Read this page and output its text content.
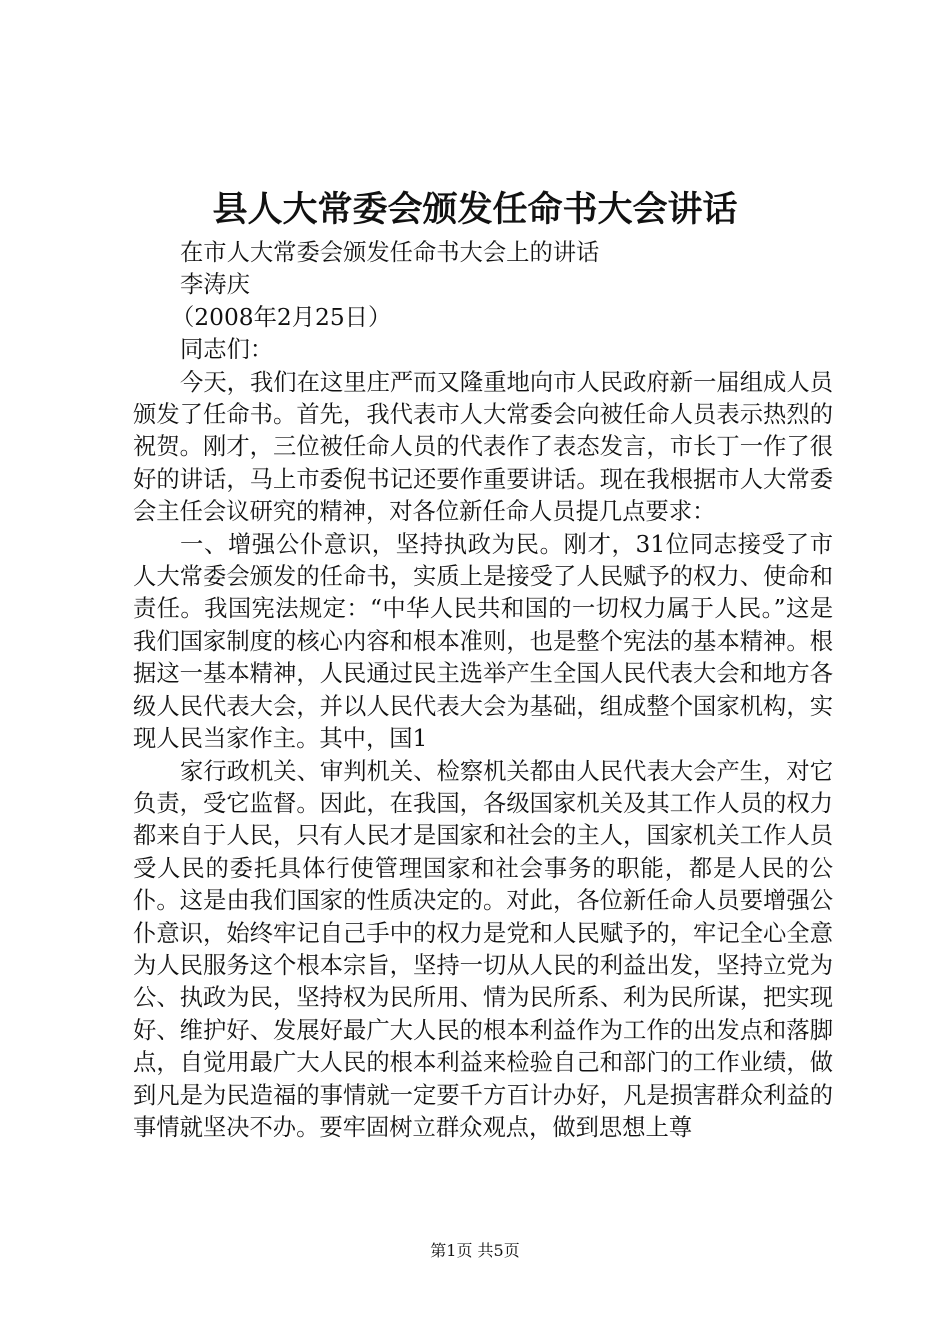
县人大常委会颁发任命书大会讲话

在市人大常委会颁发任命书大会上的讲话

李涛庆

（2008年2月25日）

同志们：

今天，我们在这里庄严而又隆重地向市人民政府新一届组成人员颁发了任命书。首先，我代表市人大常委会向被任命人员表示热烈的祝贺。刚才，三位被任命人员的代表作了表态发言，市长丁一作了很好的讲话，马上市委倪书记还要作重要讲话。现在我根据市人大常委会主任会议研究的精神，对各位新任命人员提几点要求：

一、增强公仆意识，坚持执政为民。刚才，31位同志接受了市人大常委会颁发的任命书，实质上是接受了人民赋予的权力、使命和责任。我国宪法规定：“中华人民共和国的一切权力属于人民。”这是我们国家制度的核心内容和根本准则，也是整个宪法的基本精神。根据这一基本精神，人民通过民主选举产生全国人民代表大会和地方各级人民代表大会，并以人民代表大会为基础，组成整个国家机构，实现人民当家作主。其中，国1

家行政机关、审判机关、检察机关都由人民代表大会产生，对它负责，受它监督。因此，在我国，各级国家机关及其工作人员的权力都来自于人民，只有人民才是国家和社会的主人，国家机关工作人员受人民的委托具体行使管理国家和社会事务的职能，都是人民的公仆。这是由我们国家的性质决定的。对此，各位新任命人员要增强公仆意识，始终牢记自己手中的权力是党和人民赋予的，牢记全心全意为人民服务这个根本宗旨，坚持一切从人民的利益出发，坚持立党为公、执政为民，坚持权为民所用、情为民所系、利为民所谋，把实现好、维护好、发展好最广大人民的根本利益作为工作的出发点和落脚点，自觉用最广大人民的根本利益来检验自己和部门的工作业绩，做到凡是为民造福的事情就一定要千方百计办好，凡是损害群众利益的事情就坚决不办。要牢固树立群众观点，做到思想上尊

第1页 共5页
